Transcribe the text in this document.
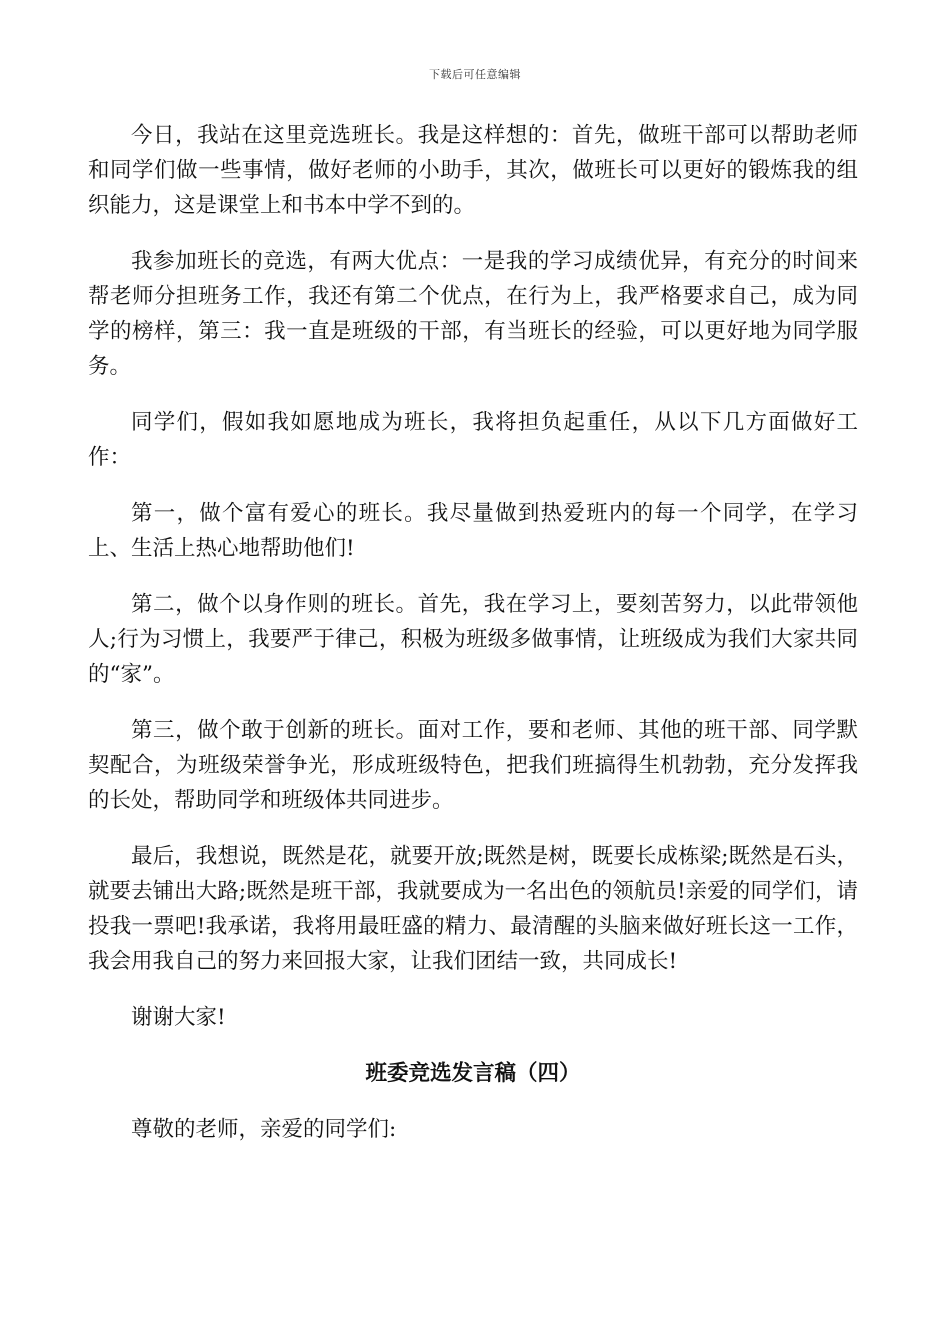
下载后可任意编辑

今日，我站在这里竞选班长。我是这样想的：首先，做班干部可以帮助老师和同学们做一些事情，做好老师的小助手，其次，做班长可以更好的锻炼我的组织能力，这是课堂上和书本中学不到的。

我参加班长的竞选，有两大优点：一是我的学习成绩优异，有充分的时间来帮老师分担班务工作，我还有第二个优点，在行为上，我严格要求自己，成为同学的榜样，第三：我一直是班级的干部，有当班长的经验，可以更好地为同学服务。

同学们，假如我如愿地成为班长，我将担负起重任，从以下几方面做好工作：

第一，做个富有爱心的班长。我尽量做到热爱班内的每一个同学，在学习上、生活上热心地帮助他们!

第二，做个以身作则的班长。首先，我在学习上，要刻苦努力，以此带领他人;行为习惯上，我要严于律己，积极为班级多做事情，让班级成为我们大家共同的“家”。

第三，做个敢于创新的班长。面对工作，要和老师、其他的班干部、同学默契配合，为班级荣誉争光，形成班级特色，把我们班搞得生机勃勃，充分发挥我的长处，帮助同学和班级体共同进步。

最后，我想说，既然是花，就要开放;既然是树，既要长成栋梁;既然是石头，就要去铺出大路;既然是班干部，我就要成为一名出色的领航员!亲爱的同学们，请投我一票吧!我承诺，我将用最旺盛的精力、最清醒的头脑来做好班长这一工作，我会用我自己的努力来回报大家，让我们团结一致，共同成长!

谢谢大家!

班委竞选发言稿（四）

尊敬的老师，亲爱的同学们:
